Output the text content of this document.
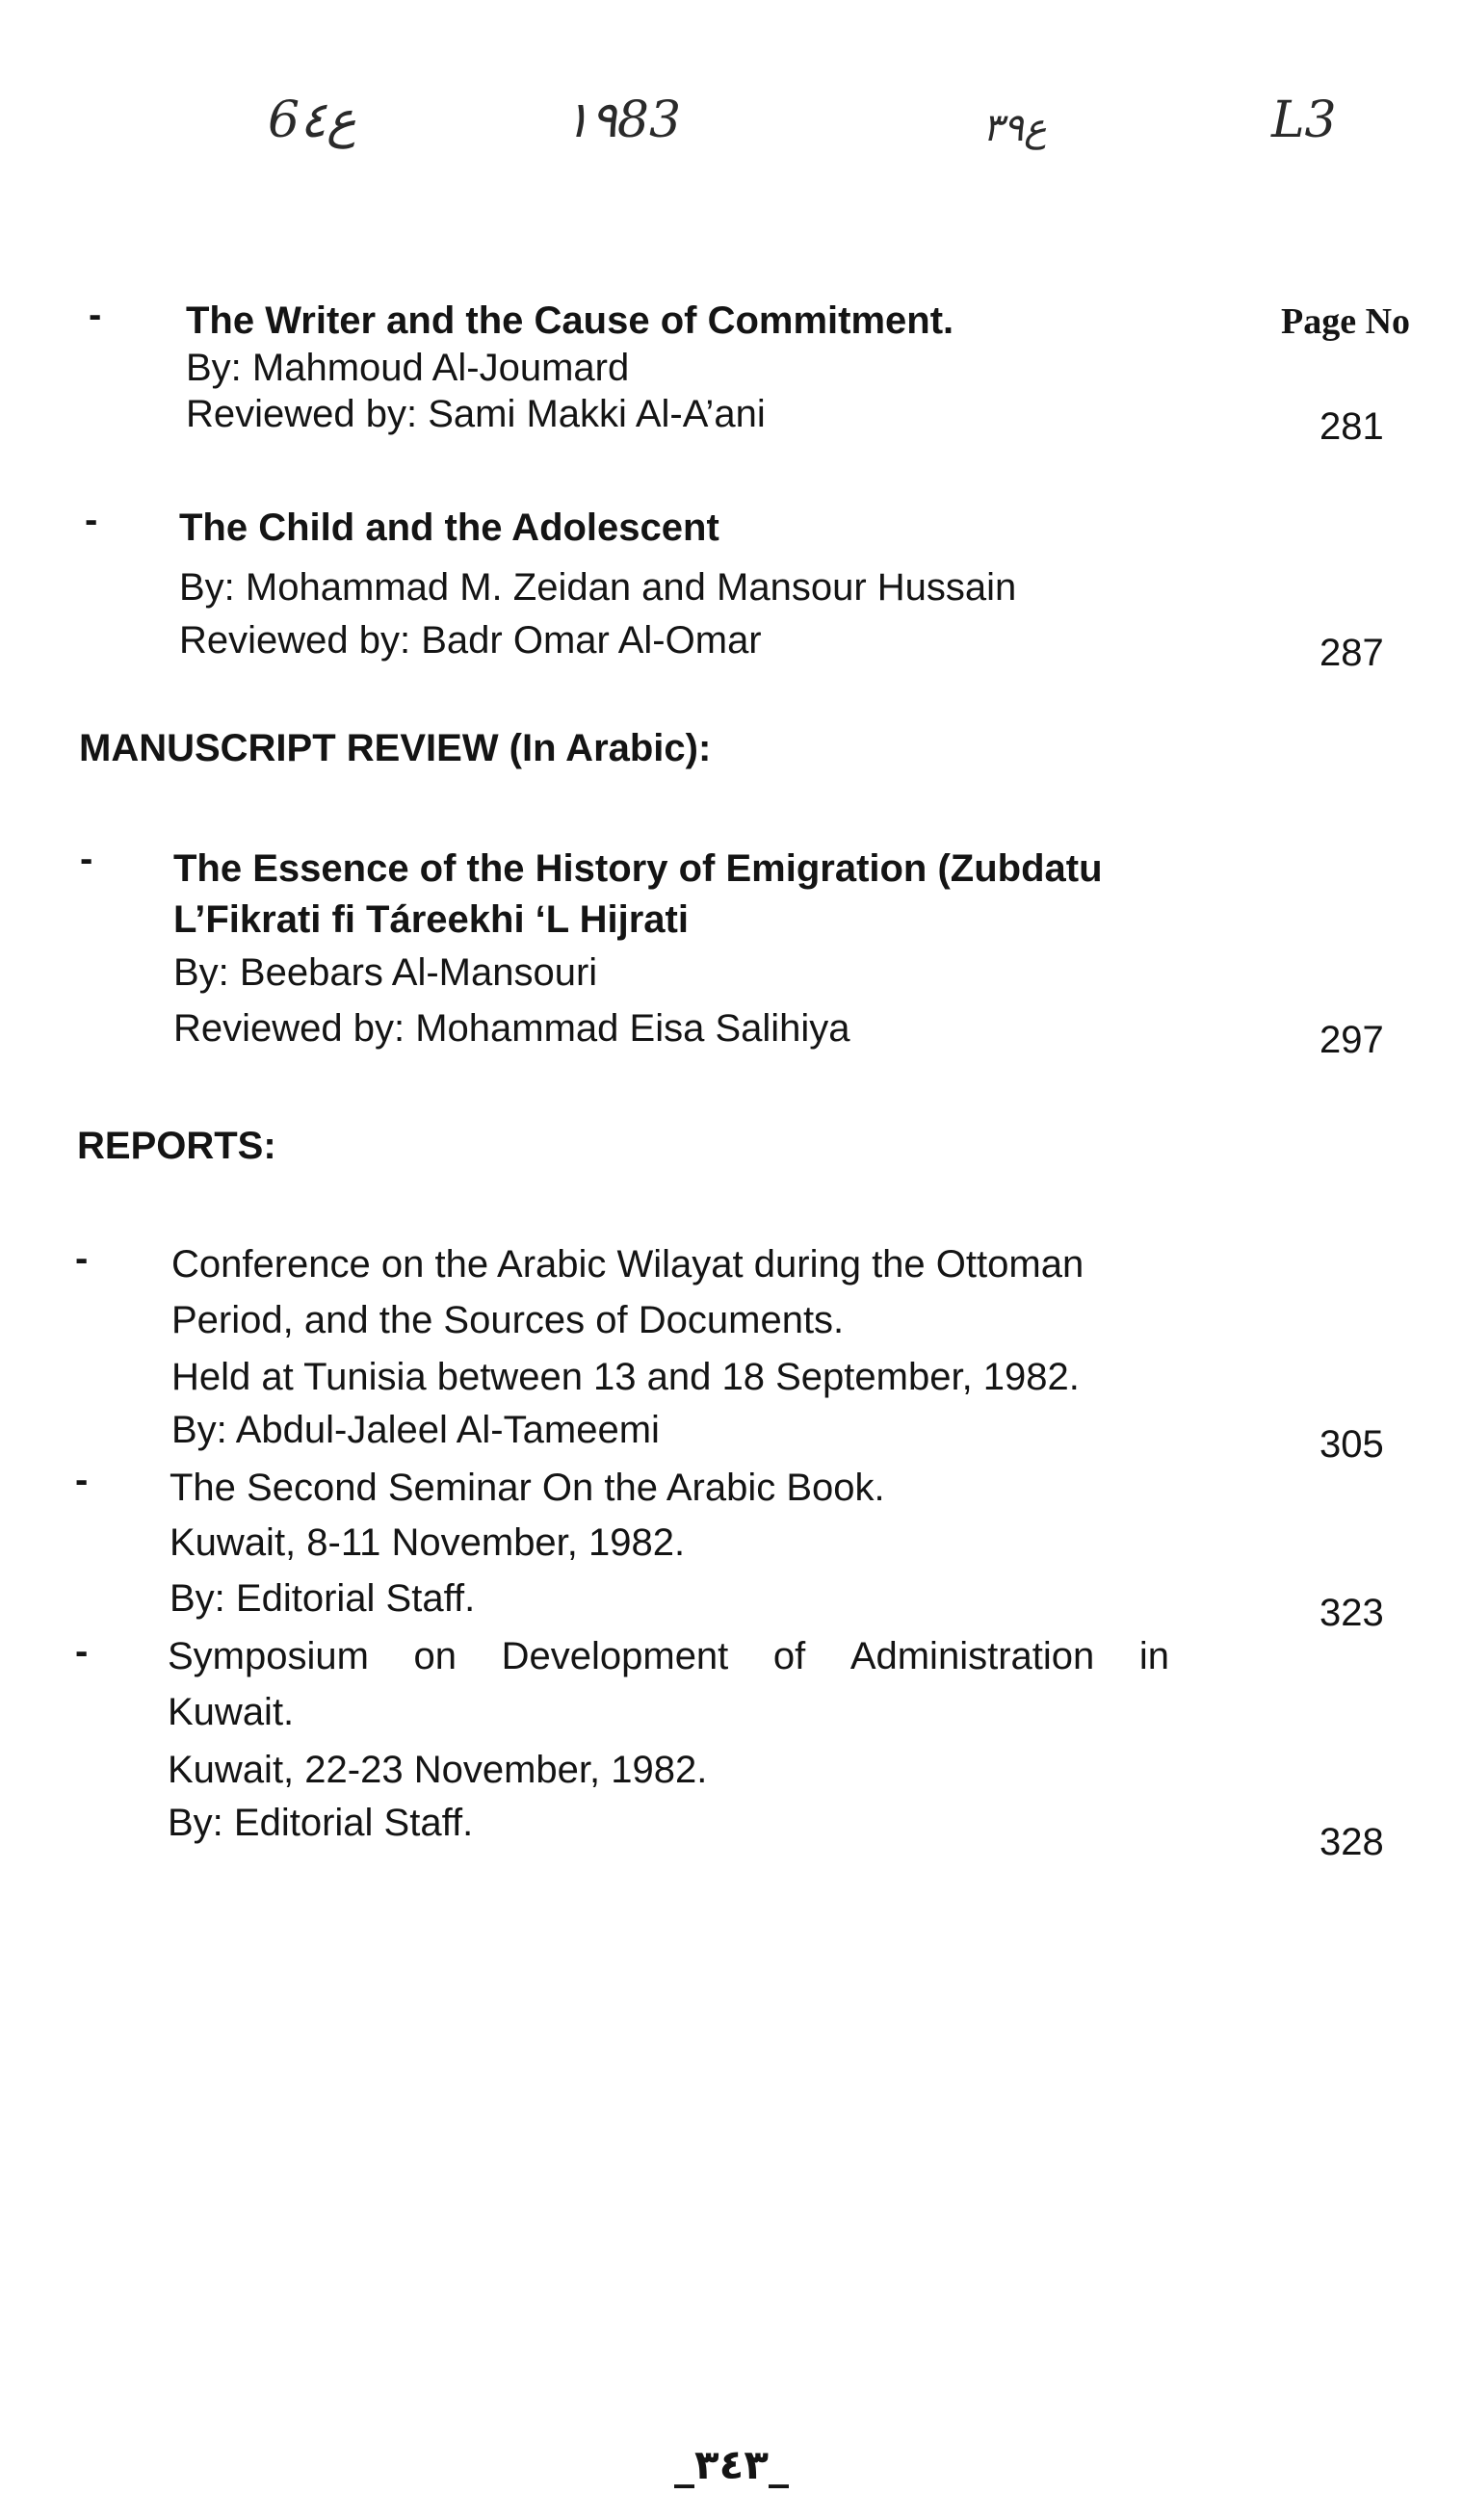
6ع٤	١٩83	ع٣٩	L3
Page No
- The Writer and the Cause of Commitment.
By: Mahmoud Al-Joumard
Reviewed by: Sami Makki Al-A’ani	281
- The Child and the Adolescent
By: Mohammad M. Zeidan and Mansour Hussain
Reviewed by: Badr Omar Al-Omar	287
MANUSCRIPT REVIEW (In Arabic):
- The Essence of the History of Emigration (Zubdatu
L’Fikrati fi Táreekhi ‘L Hijrati
By: Beebars Al-Mansouri
Reviewed by: Mohammad Eisa Salihiya	297
REPORTS:
- Conference on the Arabic Wilayat during the Ottoman
Period, and the Sources of Documents.
Held at Tunisia between 13 and 18 September, 1982.
By: Abdul-Jaleel Al-Tameemi	305
- The Second Seminar On the Arabic Book.
Kuwait, 8-11 November, 1982.
By: Editorial Staff.	323
- Symposium on Development of Administration in
Kuwait.
Kuwait, 22-23 November, 1982.
By: Editorial Staff.	328
_٣٤٣_
